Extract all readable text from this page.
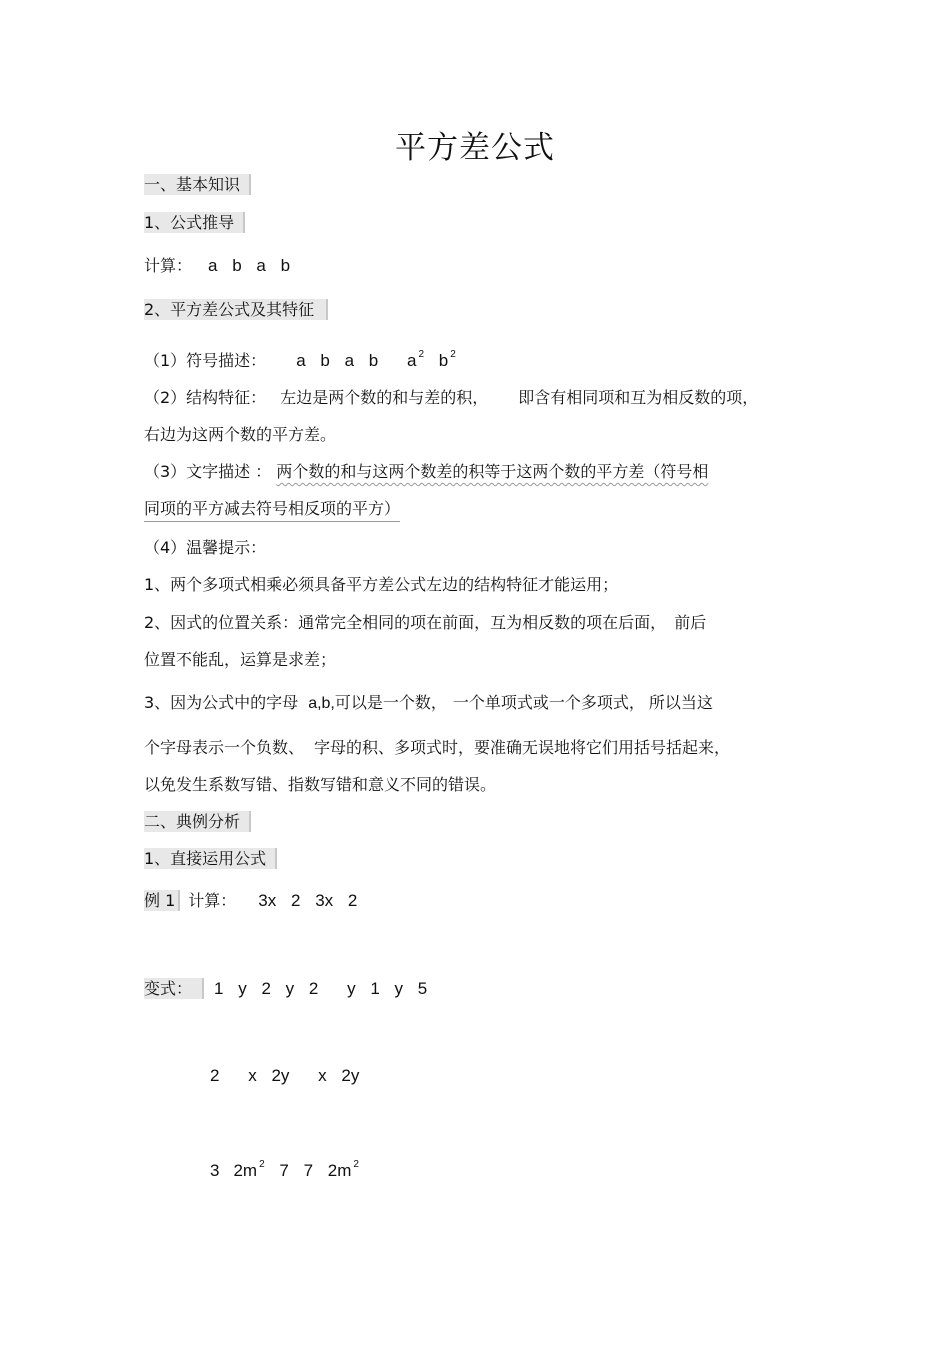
平方差公式
一、基本知识
1、公式推导
计算： a b a b
2、平方差公式及其特征
（1）符号描述： a b a b a $^2$ b $^2$
（2）结构特征： 左边是两个数的和与差的积， 即含有相同项和互为相反数的项，
右边为这两个数的平方差。
（3）文字描述 ： 两个数的和与这两个数差的积等于这两个数的平方差（符号相
同项的平方减去符号相反项的平方）
（4）温馨提示：
1、两个多项式相乘必须具备平方差公式左边的结构特征才能运用；
2、因式的位置关系：通常完全相同的项在前面，互为相反数的项在后面， 前后
位置不能乱，运算是求差；
3、因为公式中的字母 a,b,可以是一个数， 一个单项式或一个多项式， 所以当这
个字母表示一个负数、 字母的积、多项式时，要准确无误地将它们用括号括起来，
以免发生系数写错、指数写错和意义不同的错误。
二、典例分析
1、直接运用公式
例 1 计算： 3x 2 3x 2
变式： 1 y 2 y 2 y 1 y 5
2 x 2y x 2y
3 2m $^2$ 7 7 2m $^2$
